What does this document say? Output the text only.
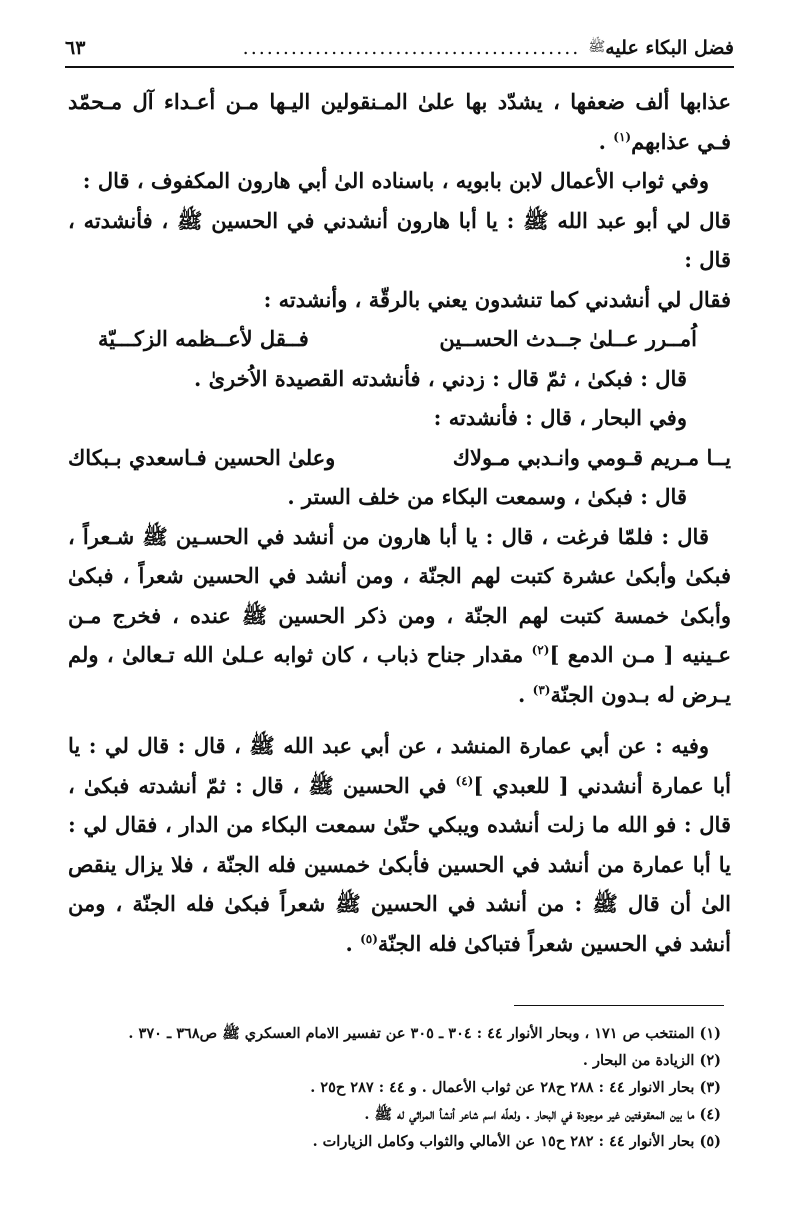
فضل البكاء عليه
ﷺ
..........................................
٦٣

عذابها ألف ضعفها ، يشدّد بها علىٰ المـنقولين اليـها مـن أعـداء آل مـحمّد فـي عذابهم$^{(١)}$ .

وفي ثواب الأعمال لابن بابويه ، باسناده الىٰ أبي هارون المكفوف ، قال :

قال لي أبو عبد الله ﷺ : يا أبا هارون أنشدني في الحسين ﷺ ، فأنشدته ، قال :

فقال لي أنشدني كما تنشدون يعني بالرقّة ، وأنشدته :

اُمــرر عــلىٰ جــدث الحســين
فــقل لأعــظمه الزكـــيّة

قال : فبكىٰ ، ثمّ قال : زدني ، فأنشدته القصيدة الاُخرىٰ .

وفي البحار ، قال : فأنشدته :

يــا مـريم قـومي وانـدبي مـولاك
وعلىٰ الحسين فـاسعدي بـبكاك

قال : فبكىٰ ، وسمعت البكاء من خلف الستر .

قال : فلمّا فرغت ، قال : يا أبا هارون من أنشد في الحسـين ﷺ شـعراً ، فبكىٰ وأبكىٰ عشرة كتبت لهم الجنّة ، ومن أنشد في الحسين شعراً ، فبكىٰ وأبكىٰ خمسة كتبت لهم الجنّة ، ومن ذكر الحسين ﷺ عنده ، فخرج مـن عـينيه [ مـن الدمع ]$^{(٢)}$ مقدار جناح ذباب ، كان ثوابه عـلىٰ الله تـعالىٰ ، ولم يـرض له بـدون الجنّة$^{(٣)}$ .

وفيه : عن أبي عمارة المنشد ، عن أبي عبد الله ﷺ ، قال : قال لي : يا أبا عمارة أنشدني [ للعبدي ]$^{(٤)}$ في الحسين ﷺ ، قال : ثمّ أنشدته فبكىٰ ، قال : فو الله ما زلت أنشده ويبكي حتّىٰ سمعت البكاء من الدار ، فقال لي : يا أبا عمارة من أنشد في الحسين فأبكىٰ خمسين فله الجنّة ، فلا يزال ينقص الىٰ أن قال ﷺ : من أنشد في الحسين ﷺ شعراً فبكىٰ فله الجنّة ، ومن أنشد في الحسين شعراً فتباكىٰ فله الجنّة$^{(٥)}$ .

(١) المنتخب ص ١٧١ ، وبحار الأنوار ٤٤ : ٣٠٤ ـ ٣٠٥ عن تفسير الامام العسكري ﷺ ص٣٦٨ ـ ٣٧٠ .

(٢) الزيادة من البحار .

(٣) بحار الانوار ٤٤ : ٢٨٨ ح٢٨ عن ثواب الأعمال . و ٤٤ : ٢٨٧ ح٢٥ .

(٤) ما بين المعقوفتين غير موجودة في البحار . ولعلّه اسم شاعر أنشأ المراثي له ﷺ .

(٥) بحار الأنوار ٤٤ : ٢٨٢ ح١٥ عن الأمالي والثواب وكامل الزيارات .
